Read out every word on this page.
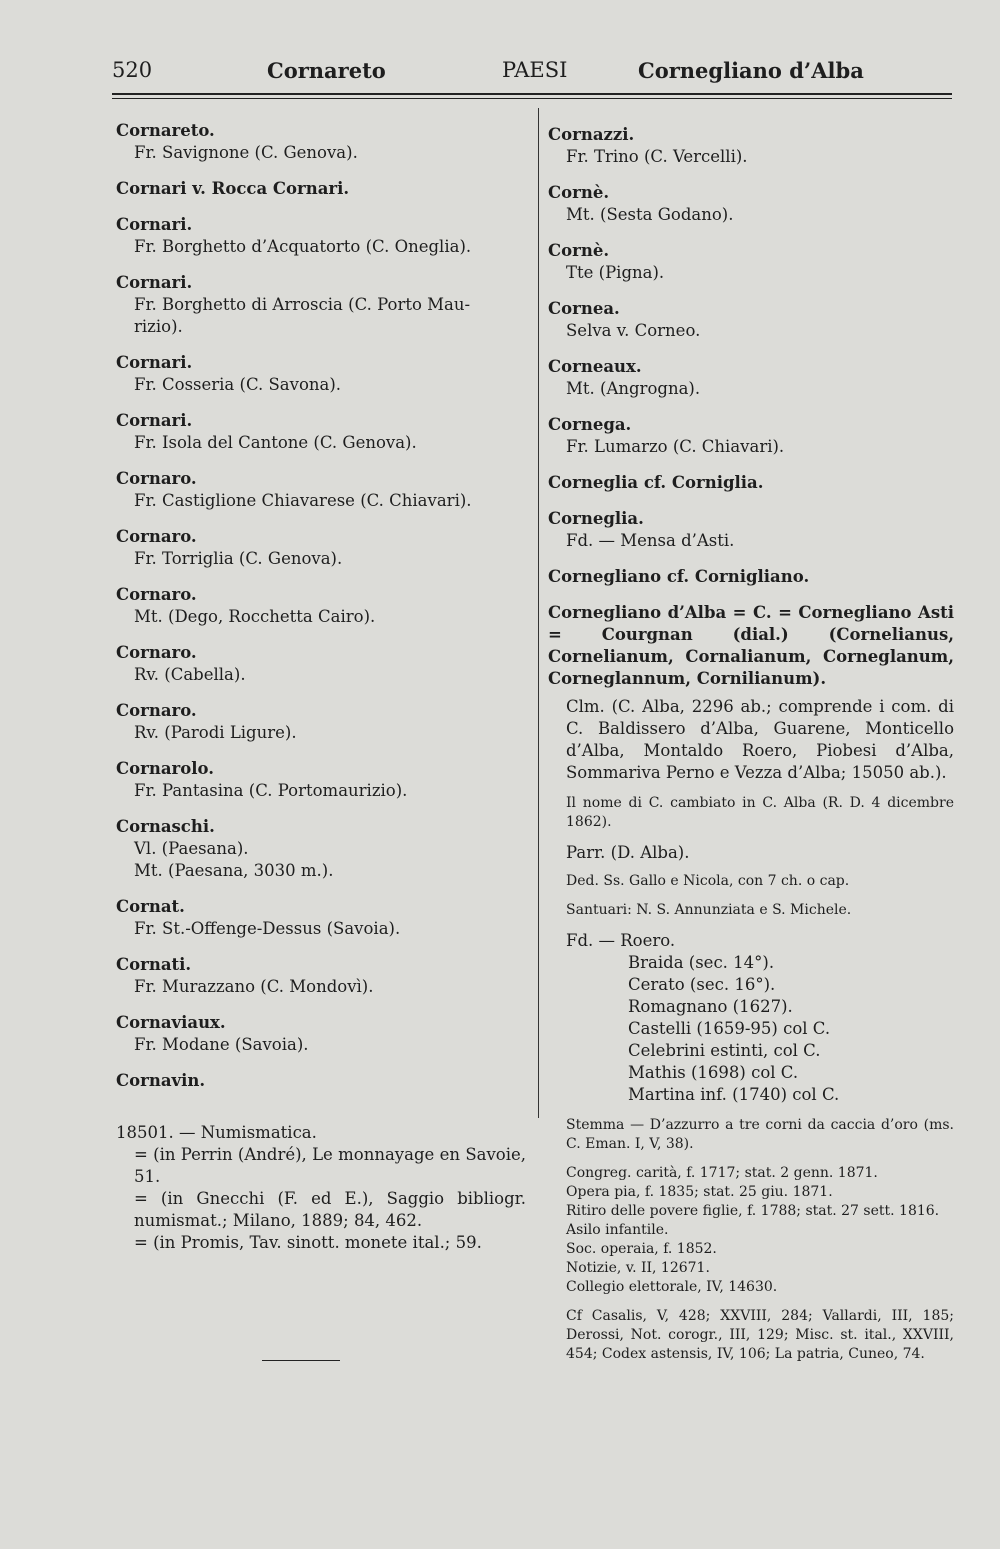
520	Cornareto	PAESI	Cornegliano d’Alba
Cornareto.
Fr. Savignone (C. Genova).
Cornari v. Rocca Cornari.
Cornari.
Fr. Borghetto d’Acquatorto (C. Oneglia).
Cornari.
Fr. Borghetto di Arroscia (C. Porto Mau-
rizio).
Cornari.
Fr. Cosseria (C. Savona).
Cornari.
Fr. Isola del Cantone (C. Genova).
Cornaro.
Fr. Castiglione Chiavarese (C. Chiavari).
Cornaro.
Fr. Torriglia (C. Genova).
Cornaro.
Mt. (Dego, Rocchetta Cairo).
Cornaro.
Rv. (Cabella).
Cornaro.
Rv. (Parodi Ligure).
Cornarolo.
Fr. Pantasina (C. Portomaurizio).
Cornaschi.
Vl. (Paesana).
Mt. (Paesana, 3030 m.).
Cornat.
Fr. St.-Offenge-Dessus (Savoia).
Cornati.
Fr. Murazzano (C. Mondovì).
Cornaviaux.
Fr. Modane (Savoia).
Cornavin.
18501. — Numismatica.
= (in Perrin (André), Le monnayage en Savoie, 51.
= (in Gnecchi (F. ed E.), Saggio bibliogr. numismat.; Milano, 1889; 84, 462.
= (in Promis, Tav. sinott. monete ital.; 59.
Cornazzi.
Fr. Trino (C. Vercelli).
Cornè.
Mt. (Sesta Godano).
Cornè.
Tte (Pigna).
Cornea.
Selva v. Corneo.
Corneaux.
Mt. (Angrogna).
Cornega.
Fr. Lumarzo (C. Chiavari).
Corneglia cf. Corniglia.
Corneglia.
Fd. — Mensa d’Asti.
Cornegliano cf. Cornigliano.
Cornegliano d’Alba = C. = Cornegliano Asti = Courgnan (dial.) (Cornelianus, Cornelianum, Cornalianum, Corneglanum, Corneglannum, Cornilianum).
Clm. (C. Alba, 2296 ab.; comprende i com. di C. Baldissero d’Alba, Guarene, Monticello d’Alba, Montaldo Roero, Piobesi d’Alba, Sommariva Perno e Vezza d’Alba; 15050 ab.).
Il nome di C. cambiato in C. Alba (R. D. 4 dicembre 1862).
Parr. (D. Alba).
Ded. Ss. Gallo e Nicola, con 7 ch. o cap.
Santuari: N. S. Annunziata e S. Michele.
Fd. — Roero.
Braida (sec. 14°).
Cerato (sec. 16°).
Romagnano (1627).
Castelli (1659-95) col C.
Celebrini estinti, col C.
Mathis (1698) col C.
Martina inf. (1740) col C.
Stemma — D’azzurro a tre corni da caccia d’oro (ms. C. Eman. I, V, 38).
Congreg. carità, f. 1717; stat. 2 genn. 1871.
Opera pia, f. 1835; stat. 25 giu. 1871.
Ritiro delle povere figlie, f. 1788; stat. 27 sett. 1816.
Asilo infantile.
Soc. operaia, f. 1852.
Notizie, v. II, 12671.
Collegio elettorale, IV, 14630.
Cf Casalis, V, 428; XXVIII, 284; Vallardi, III, 185; Derossi, Not. corogr., III, 129; Misc. st. ital., XXVIII, 454; Codex astensis, IV, 106; La patria, Cuneo, 74.
